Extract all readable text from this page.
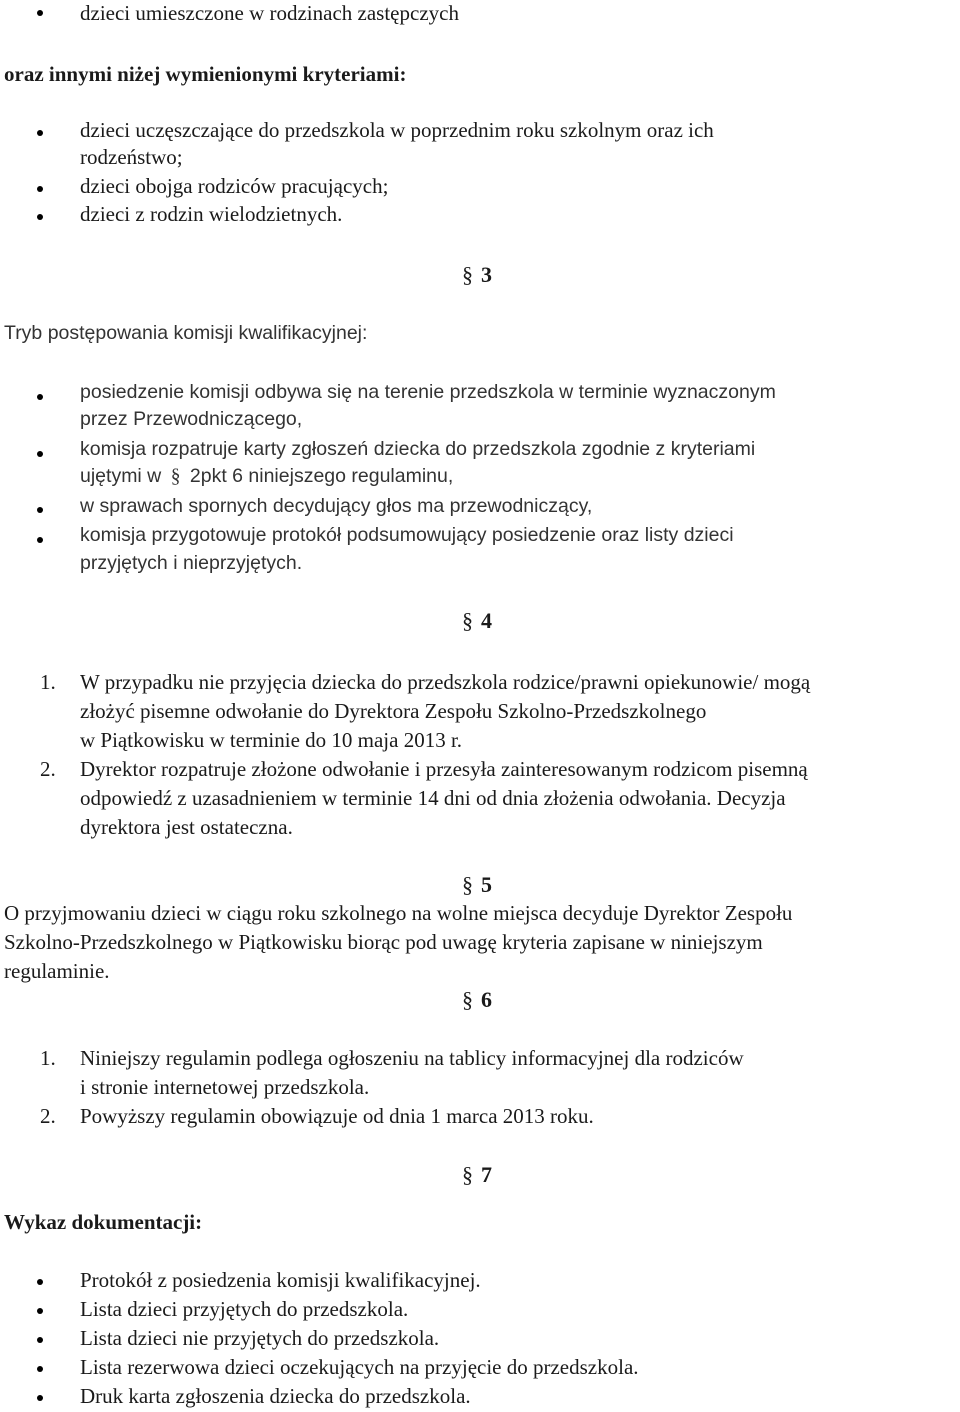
dzieci umieszczone w rodzinach zastępczych
oraz innymi niżej wymienionymi kryteriami:
dzieci uczęszczające do przedszkola w poprzednim roku szkolnym oraz ich
rodzeństwo;
dzieci obojga rodziców pracujących;
dzieci z rodzin wielodzietnych.
§ 3
Tryb postępowania komisji kwalifikacyjnej:
posiedzenie komisji odbywa się na terenie przedszkola w terminie wyznaczonym
przez Przewodniczącego,
komisja rozpatruje karty zgłoszeń dziecka do przedszkola zgodnie z kryteriami
ujętymi w § 2pkt 6 niniejszego regulaminu,
w sprawach spornych decydujący głos ma przewodniczący,
komisja przygotowuje protokół podsumowujący posiedzenie oraz listy dzieci
przyjętych i nieprzyjętych.
§ 4
1. W przypadku nie przyjęcia dziecka do przedszkola rodzice/prawni opiekunowie/ mogą
złożyć pisemne odwołanie do Dyrektora Zespołu Szkolno-Przedszkolnego
w Piątkowisku w terminie do 10 maja 2013 r.
2. Dyrektor rozpatruje złożone odwołanie i przesyła zainteresowanym rodzicom pisemną
odpowiedź z uzasadnieniem w terminie 14 dni od dnia złożenia odwołania. Decyzja
dyrektora jest ostateczna.
§ 5
O przyjmowaniu dzieci w ciągu roku szkolnego na wolne miejsca decyduje Dyrektor Zespołu
Szkolno-Przedszkolnego w Piątkowisku biorąc pod uwagę kryteria zapisane w niniejszym
regulaminie.
§ 6
1. Niniejszy regulamin podlega ogłoszeniu na tablicy informacyjnej dla rodziców
i stronie internetowej przedszkola.
2. Powyższy regulamin obowiązuje od dnia 1 marca 2013 roku.
§ 7
Wykaz dokumentacji:
Protokół z posiedzenia komisji kwalifikacyjnej.
Lista dzieci przyjętych do przedszkola.
Lista dzieci nie przyjętych do przedszkola.
Lista rezerwowa dzieci oczekujących na przyjęcie do przedszkola.
Druk karta zgłoszenia dziecka do przedszkola.
